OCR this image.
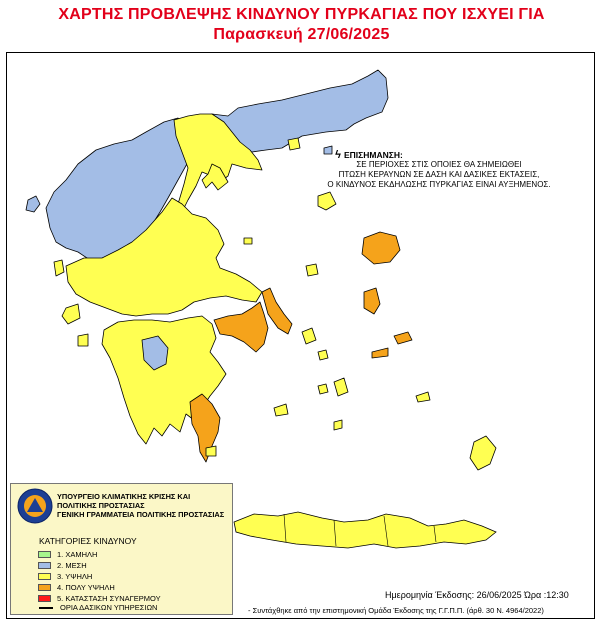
ΧΑΡΤΗΣ ΠΡΟΒΛΕΨΗΣ ΚΙΝΔΥΝΟΥ ΠΥΡΚΑΓΙΑΣ ΠΟΥ ΙΣΧΥΕΙ ΓΙΑ
Παρασκευή 27/06/2025
ϟ ΕΠΙΣΗΜΑΝΣΗ:
ΣΕ ΠΕΡΙΟΧΕΣ ΣΤΙΣ ΟΠΟΙΕΣ ΘΑ ΣΗΜΕΙΩΘΕΙ
ΠΤΩΣΗ ΚΕΡΑΥΝΩΝ ΣΕ ΔΑΣΗ ΚΑΙ ΔΑΣΙΚΕΣ ΕΚΤΑΣΕΙΣ,
Ο ΚΙΝΔΥΝΟΣ ΕΚΔΗΛΩΣΗΣ ΠΥΡΚΑΓΙΑΣ ΕΙΝΑΙ ΑΥΞΗΜΕΝΟΣ.
ΥΠΟΥΡΓΕΙΟ ΚΛΙΜΑΤΙΚΗΣ ΚΡΙΣΗΣ ΚΑΙ
ΠΟΛΙΤΙΚΗΣ ΠΡΟΣΤΑΣΙΑΣ
ΓΕΝΙΚΗ ΓΡΑΜΜΑΤΕΙΑ ΠΟΛΙΤΙΚΗΣ ΠΡΟΣΤΑΣΙΑΣ
ΚΑΤΗΓΟΡΙΕΣ ΚΙΝΔΥΝΟΥ
1. ΧΑΜΗΛΗ
2. ΜΕΣΗ
3. ΥΨΗΛΗ
4. ΠΟΛΥ ΥΨΗΛΗ
5. ΚΑΤΑΣΤΑΣΗ ΣΥΝΑΓΕΡΜΟΥ
ΟΡΙΑ ΔΑΣΙΚΩΝ ΥΠΗΡΕΣΙΩΝ
Ημερομηνία Έκδοσης: 26/06/2025 Ώρα :12:30
- Συντάχθηκε από την επιστημονική Ομάδα Έκδοσης της Γ.Γ.Π.Π. (άρθ. 30 Ν. 4964/2022)
